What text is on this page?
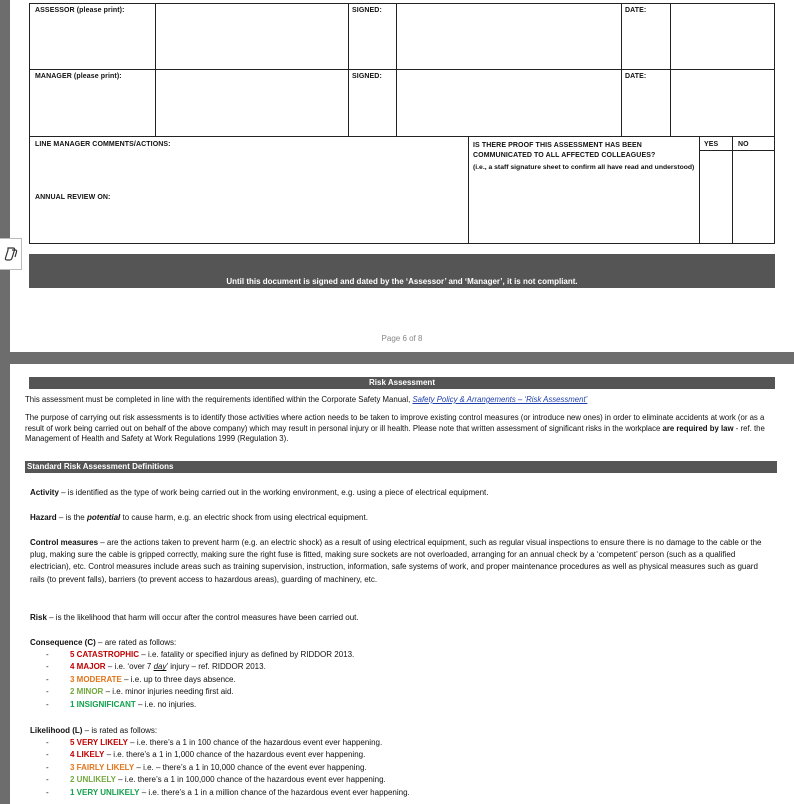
ASSESSOR (please print):	SIGNED:	DATE:
MANAGER (please print):	SIGNED:	DATE:
LINE MANAGER COMMENTS/ACTIONS:
ANNUAL REVIEW ON:
IS THERE PROOF THIS ASSESSMENT HAS BEEN COMMUNICATED TO ALL AFFECTED COLLEAGUES?
(i.e., a staff signature sheet to confirm all have read and understood)
YES	NO
Until this document is signed and dated by the ‘Assessor’ and ‘Manager’, it is not compliant.
Page 6 of 8
Risk Assessment
This assessment must be completed in line with the requirements identified within the Corporate Safety Manual, Safety Policy & Arrangements – ‘Risk Assessment’
The purpose of carrying out risk assessments is to identify those activities where action needs to be taken to improve existing control measures (or introduce new ones) in order to eliminate accidents at work (or as a result of work being carried out on behalf of the above company) which may result in personal injury or ill health. Please note that written assessment of significant risks in the workplace are required by law - ref. the Management of Health and Safety at Work Regulations 1999 (Regulation 3).
Standard Risk Assessment Definitions
Activity – is identified as the type of work being carried out in the working environment, e.g. using a piece of electrical equipment.
Hazard – is the potential to cause harm, e.g. an electric shock from using electrical equipment.
Control measures – are the actions taken to prevent harm (e.g. an electric shock) as a result of using electrical equipment, such as regular visual inspections to ensure there is no damage to the cable or the plug, making sure the cable is gripped correctly, making sure the right fuse is fitted, making sure sockets are not overloaded, arranging for an annual check by a ‘competent’ person (such as a qualified electrician), etc. Control measures include areas such as training supervision, instruction, information, safe systems of work, and proper maintenance procedures as well as physical measures such as guard rails (to prevent falls), barriers (to prevent access to hazardous areas), guarding of machinery, etc.
Risk – is the likelihood that harm will occur after the control measures have been carried out.
Consequence (C) – are rated as follows:
-	5 CATASTROPHIC – i.e. fatality or specified injury as defined by RIDDOR 2013.
-	4 MAJOR – i.e. ‘over 7 day’ injury – ref. RIDDOR 2013.
-	3 MODERATE – i.e. up to three days absence.
-	2 MINOR – i.e. minor injuries needing first aid.
-	1 INSIGNIFICANT – i.e. no injuries.
Likelihood (L) – is rated as follows:
-	5 VERY LIKELY – i.e. there’s a 1 in 100 chance of the hazardous event ever happening.
-	4 LIKELY – i.e. there’s a 1 in 1,000 chance of the hazardous event ever happening.
-	3 FAIRLY LIKELY – i.e. – there’s a 1 in 10,000 chance of the event ever happening.
-	2 UNLIKELY – i.e. there’s a 1 in 100,000 chance of the hazardous event ever happening.
-	1 VERY UNLIKELY – i.e. there’s a 1 in a million chance of the hazardous event ever happening.
